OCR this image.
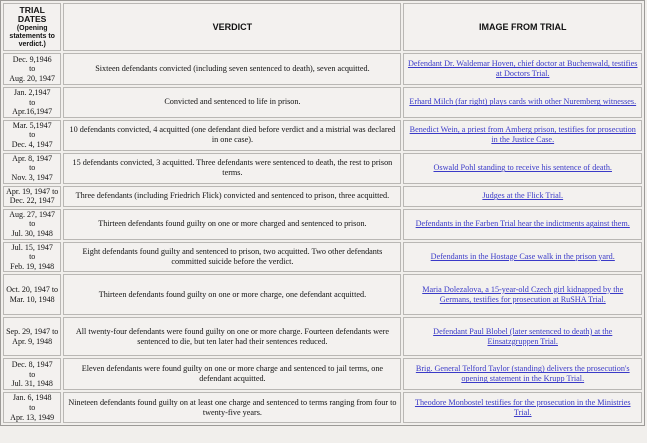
TRIAL DATES
(Opening statements to verdict.)	VERDICT	IMAGE FROM TRIAL
Dec. 9,1946
to
Aug. 20, 1947	Sixteen defendants convicted (including seven sentenced to death), seven acquitted.	Defendant Dr. Waldemar Hoven, chief doctor at Buchenwald, testifies at Doctors Trial.
Jan. 2,1947
to
Apr.16,1947	Convicted and sentenced to life in prison.	Erhard Milch (far right) plays cards with other Nuremberg witnesses.
Mar. 5,1947
to
Dec. 4, 1947	10 defendants convicted, 4 acquitted (one defendant died before verdict and a mistrial was declared in one case).	Benedict Wein, a priest from Amberg prison, testifies for prosecution in the Justice Case.
Apr. 8, 1947
to
Nov. 3, 1947	15 defendants convicted, 3 acquitted. Three defendants were sentenced to death, the rest to prison terms.	Oswald Pohl standing to receive his sentence of death.
Apr. 19, 1947 to
Dec. 22, 1947	Three defendants (including Friedrich Flick) convicted and sentenced to prison, three acquitted.	Judges at the Flick Trial.
Aug. 27, 1947
to
Jul. 30, 1948	Thirteen defendants found guilty on one or more charged and sentenced to prison.	Defendants in the Farben Trial hear the indictments against them.
Jul. 15, 1947
to
Feb. 19, 1948	Eight defendants found guilty and sentenced to prison, two acquitted. Two other defendants committed suicide before the verdict.	Defendants in the Hostage Case walk in the prison yard.
Oct. 20, 1947 to
Mar. 10, 1948	Thirteen defendants found guilty on one or more charge, one defendant acquitted.	Maria Dolezalova, a 15-year-old Czech girl kidnapped by the Germans, testifies for prosecution at RuSHA Trial.
Sep. 29, 1947 to
Apr. 9, 1948	All twenty-four defendants were found guilty on one or more charge. Fourteen defendants were sentenced to die, but ten later had their sentences reduced.	Defendant Paul Blobel (later sentenced to death) at the Einsatzgruppen Trial.
Dec. 8, 1947
to
Jul. 31, 1948	Eleven defendants were found guilty on one or more charge and sentenced to jail terms, one defendant acquitted.	Brig. General Telford Taylor (standing) delivers the prosecution's opening statement in the Krupp Trial.
Jan. 6, 1948
to
Apr. 13, 1949	Nineteen defendants found guilty on at least one charge and sentenced to terms ranging from four to twenty-five years.	Theodore Monbostel testifies for the prosecution in the Ministries Trial.
